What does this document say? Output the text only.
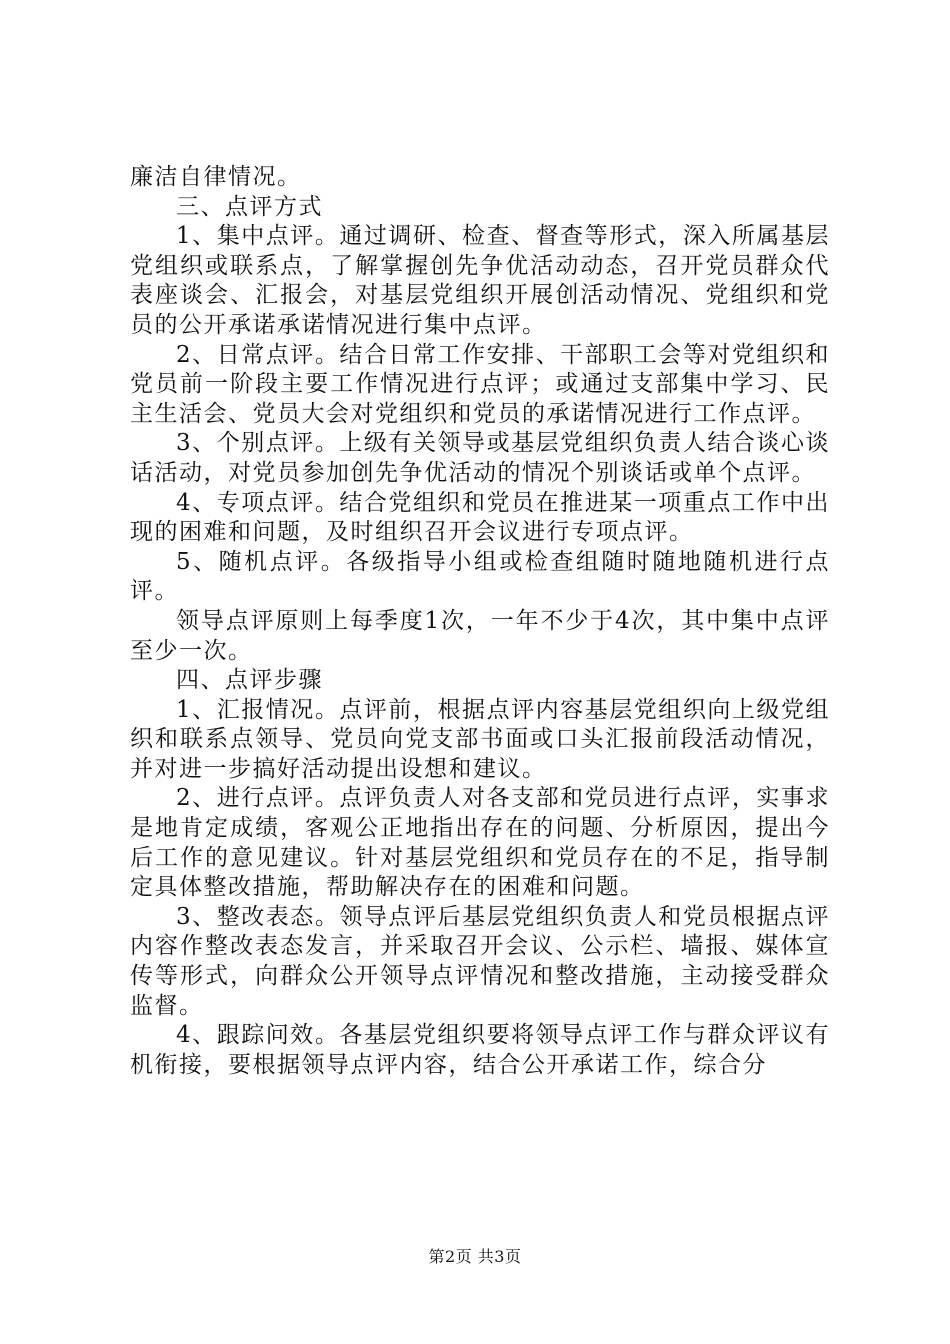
廉洁自律情况。

三、点评方式

1、集中点评。通过调研、检查、督查等形式，深入所属基层党组织或联系点，了解掌握创先争优活动动态，召开党员群众代表座谈会、汇报会，对基层党组织开展创活动情况、党组织和党员的公开承诺承诺情况进行集中点评。

2、日常点评。结合日常工作安排、干部职工会等对党组织和党员前一阶段主要工作情况进行点评；或通过支部集中学习、民主生活会、党员大会对党组织和党员的承诺情况进行工作点评。

3、个别点评。上级有关领导或基层党组织负责人结合谈心谈话活动，对党员参加创先争优活动的情况个别谈话或单个点评。

4、专项点评。结合党组织和党员在推进某一项重点工作中出现的困难和问题，及时组织召开会议进行专项点评。

5、随机点评。各级指导小组或检查组随时随地随机进行点评。

领导点评原则上每季度1次，一年不少于4次，其中集中点评至少一次。

四、点评步骤

1、汇报情况。点评前，根据点评内容基层党组织向上级党组织和联系点领导、党员向党支部书面或口头汇报前段活动情况，并对进一步搞好活动提出设想和建议。

2、进行点评。点评负责人对各支部和党员进行点评，实事求是地肯定成绩，客观公正地指出存在的问题、分析原因，提出今后工作的意见建议。针对基层党组织和党员存在的不足，指导制定具体整改措施，帮助解决存在的困难和问题。

3、整改表态。领导点评后基层党组织负责人和党员根据点评内容作整改表态发言，并采取召开会议、公示栏、墙报、媒体宣传等形式，向群众公开领导点评情况和整改措施，主动接受群众监督。

4、跟踪问效。各基层党组织要将领导点评工作与群众评议有机衔接，要根据领导点评内容，结合公开承诺工作，综合分

第2页 共3页
